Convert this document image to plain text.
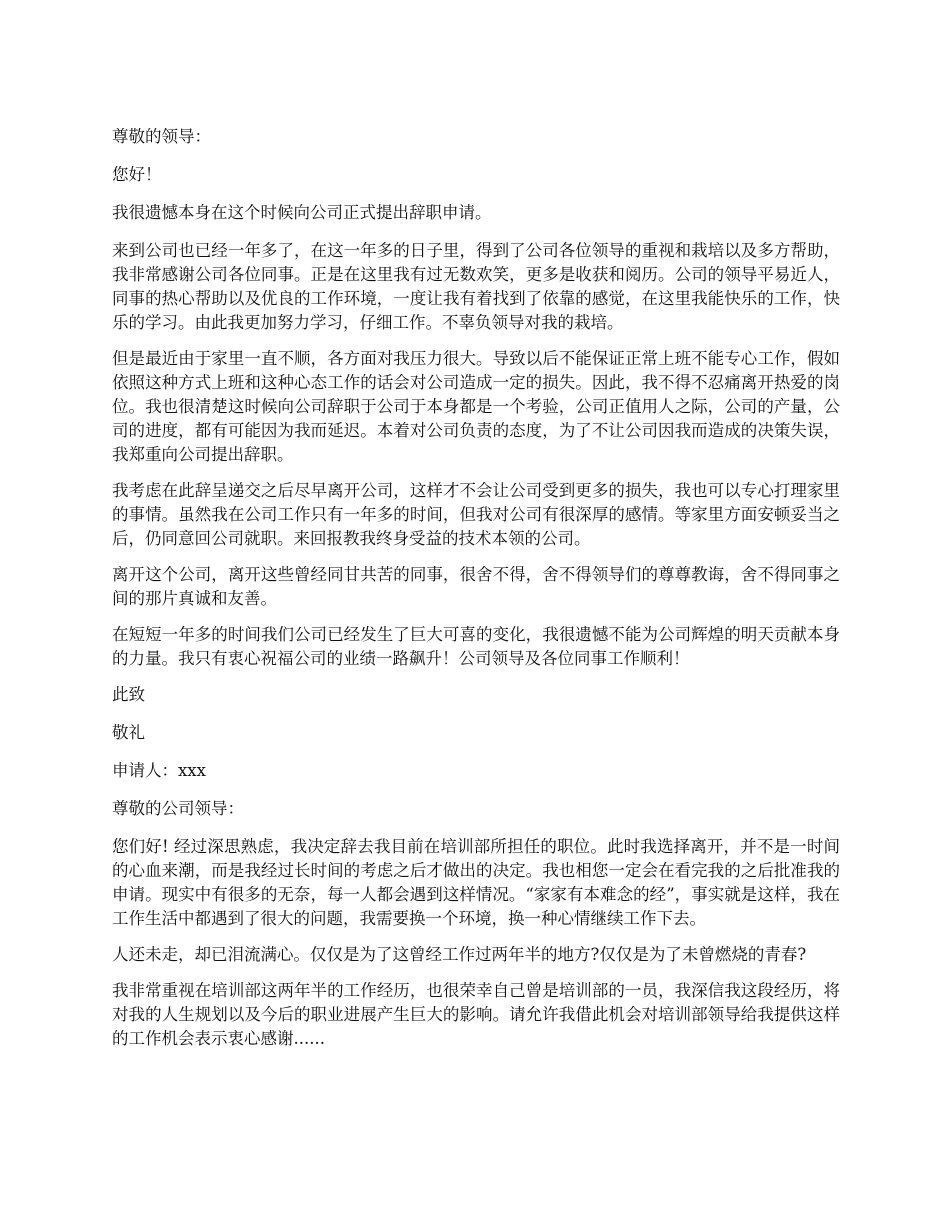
尊敬的领导：

您好！

我很遗憾本身在这个时候向公司正式提出辞职申请。

来到公司也已经一年多了，在这一年多的日子里，得到了公司各位领导的重视和栽培以及多方帮助，我非常感谢公司各位同事。正是在这里我有过无数欢笑，更多是收获和阅历。公司的领导平易近人，同事的热心帮助以及优良的工作环境，一度让我有着找到了依靠的感觉，在这里我能快乐的工作，快乐的学习。由此我更加努力学习，仔细工作。不辜负领导对我的栽培。

但是最近由于家里一直不顺，各方面对我压力很大。导致以后不能保证正常上班不能专心工作，假如依照这种方式上班和这种心态工作的话会对公司造成一定的损失。因此，我不得不忍痛离开热爱的岗位。我也很清楚这时候向公司辞职于公司于本身都是一个考验，公司正值用人之际，公司的产量，公司的进度，都有可能因为我而延迟。本着对公司负责的态度，为了不让公司因我而造成的决策失误，我郑重向公司提出辞职。

我考虑在此辞呈递交之后尽早离开公司，这样才不会让公司受到更多的损失，我也可以专心打理家里的事情。虽然我在公司工作只有一年多的时间，但我对公司有很深厚的感情。等家里方面安顿妥当之后，仍同意回公司就职。来回报教我终身受益的技术本领的公司。

离开这个公司，离开这些曾经同甘共苦的同事，很舍不得，舍不得领导们的尊尊教诲，舍不得同事之间的那片真诚和友善。

在短短一年多的时间我们公司已经发生了巨大可喜的变化，我很遗憾不能为公司辉煌的明天贡献本身的力量。我只有衷心祝福公司的业绩一路飙升！公司领导及各位同事工作顺利！

此致

敬礼

申请人：xxx

尊敬的公司领导：

您们好! 经过深思熟虑，我决定辞去我目前在培训部所担任的职位。此时我选择离开，并不是一时间的心血来潮，而是我经过长时间的考虑之后才做出的决定。我也相您一定会在看完我的之后批准我的申请。现实中有很多的无奈，每一人都会遇到这样情况。“家家有本难念的经”，事实就是这样，我在工作生活中都遇到了很大的问题，我需要换一个环境，换一种心情继续工作下去。

人还未走，却已泪流满心。仅仅是为了这曾经工作过两年半的地方?仅仅是为了未曾燃烧的青春?

我非常重视在培训部这两年半的工作经历，也很荣幸自己曾是培训部的一员，我深信我这段经历，将对我的人生规划以及今后的职业进展产生巨大的影响。请允许我借此机会对培训部领导给我提供这样的工作机会表示衷心感谢......
